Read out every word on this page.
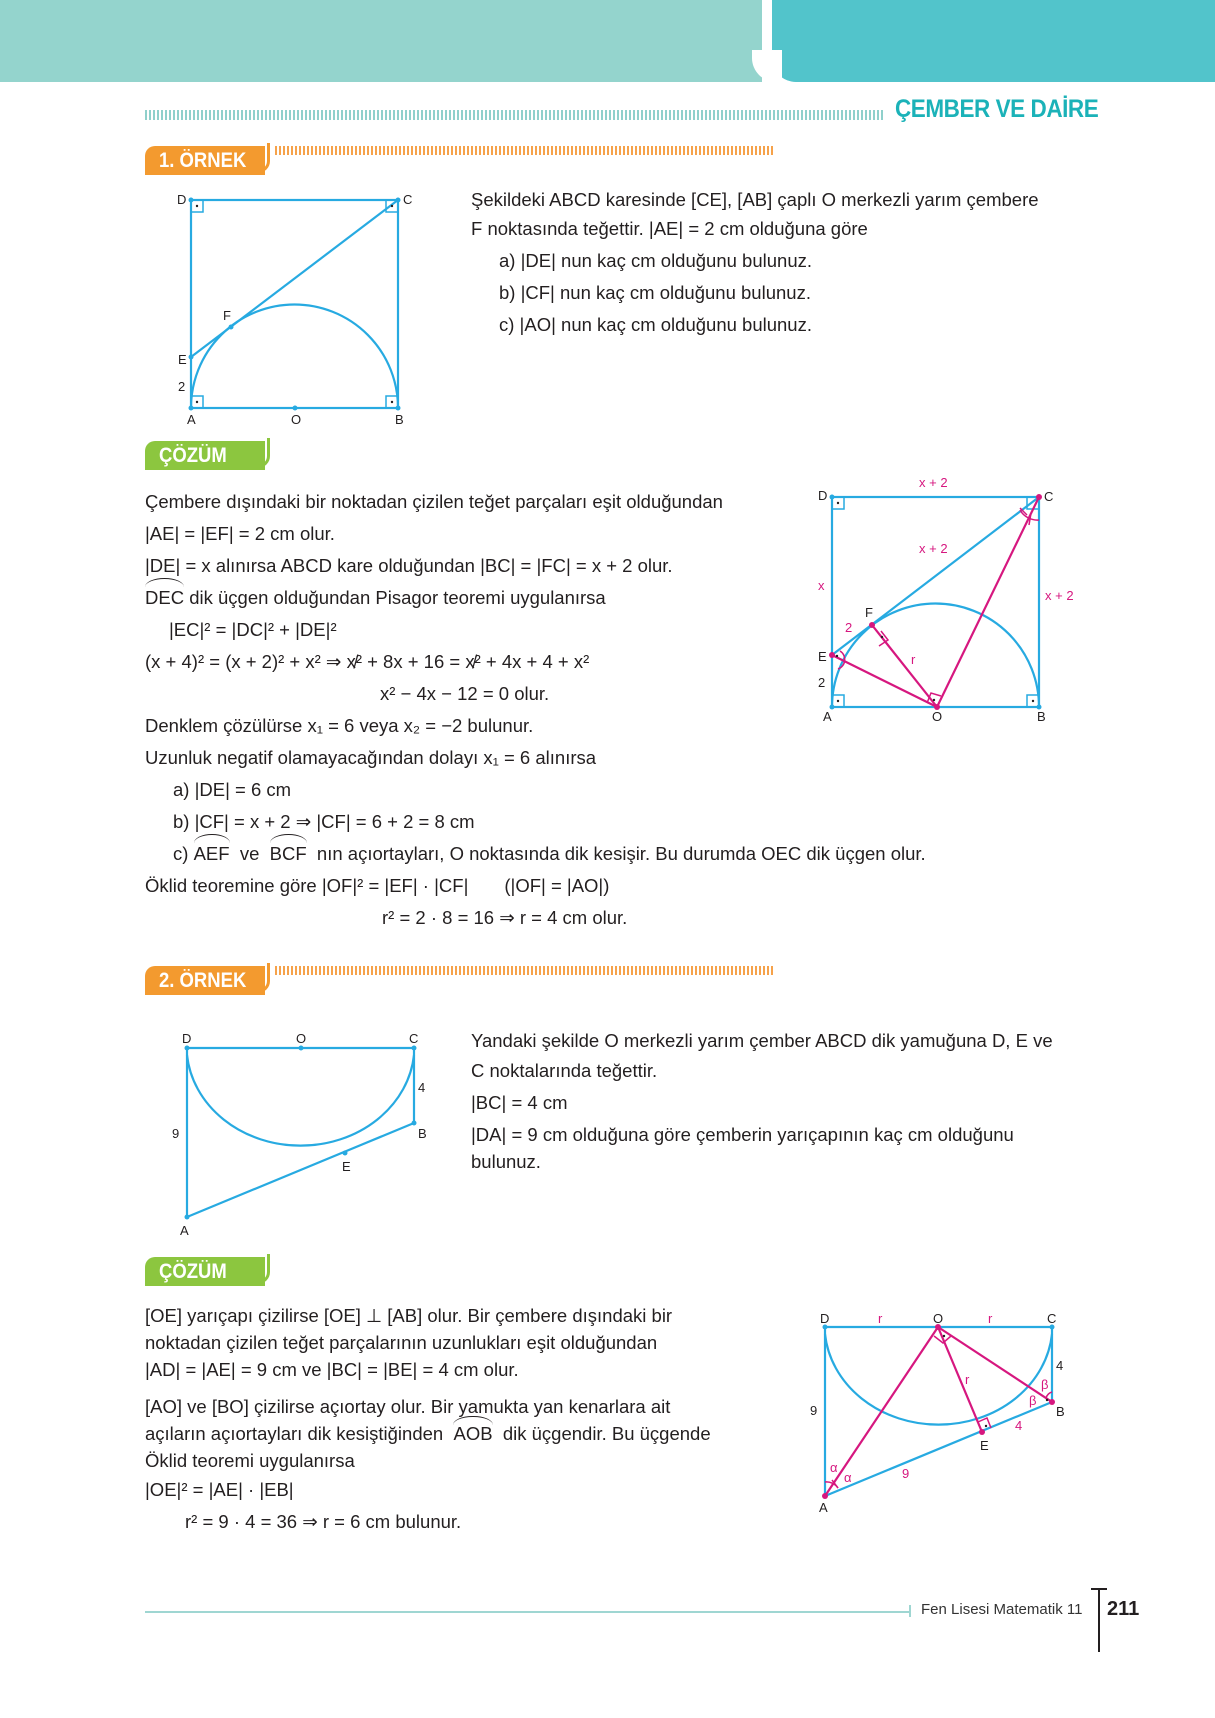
ÇEMBER VE DAİRE
1. ÖRNEK
D	C
F
E
2
A	O	B
Şekildeki ABCD karesinde [CE], [AB] çaplı O merkezli yarım çembere
F noktasında teğettir. |AE| = 2 cm olduğuna göre
a) |DE| nun kaç cm olduğunu bulunuz.
b) |CF| nun kaç cm olduğunu bulunuz.
c) |AO| nun kaç cm olduğunu bulunuz.
ÇÖZÜM
Çembere dışındaki bir noktadan çizilen teğet parçaları eşit olduğundan
|AE| = |EF| = 2 cm olur.
|DE| = x alınırsa ABCD kare olduğundan |BC| = |FC| = x + 2 olur.
DEC dik üçgen olduğundan Pisagor teoremi uygulanırsa
|EC|² = |DC|² + |DE|²
(x + 4)² = (x + 2)² + x² ⇒ x̸² + 8x + 16 = x̸² + 4x + 4 + x²
x² − 4x − 12 = 0 olur.
Denklem çözülürse x₁ = 6 veya x₂ = −2 bulunur.
Uzunluk negatif olamayacağından dolayı x₁ = 6 alınırsa
a) |DE| = 6 cm
b) |CF| = x + 2 ⇒ |CF| = 6 + 2 = 8 cm
c) AEF  ve  BCF  nın açıortayları, O noktasında dik kesişir. Bu durumda OEC dik üçgen olur.
Öklid teoremine göre |OF|² = |EF| · |CF|       (|OF| = |AO|)
r² = 2 · 8 = 16 ⇒ r = 4 cm olur.
x + 2
x + 2
x + 2
x
2
r
2
D	C
F
E
A	O	B
2. ÖRNEK
D	O	C
4
9	B
E
A
Yandaki şekilde O merkezli yarım çember ABCD dik yamuğuna D, E ve
C noktalarında teğettir.
|BC| = 4 cm
|DA| = 9 cm olduğuna göre çemberin yarıçapının kaç cm olduğunu
bulunuz.
ÇÖZÜM
[OE] yarıçapı çizilirse [OE] ⊥ [AB] olur. Bir çembere dışındaki bir
noktadan çizilen teğet parçalarının uzunlukları eşit olduğundan
|AD| = |AE| = 9 cm ve |BC| = |BE| = 4 cm olur.
[AO] ve [BO] çizilirse açıortay olur. Bir yamukta yan kenarlara ait
açıların açıortayları dik kesiştiğinden  AOB  dik üçgendir. Bu üçgende
Öklid teoremi uygulanırsa
|OE|² = |AE| · |EB|
r² = 9 · 4 = 36 ⇒ r = 6 cm bulunur.
D	r	O	r	C
4
r	β
β
9	B
4
E
α
α	9
A
Fen Lisesi Matematik 11 211
